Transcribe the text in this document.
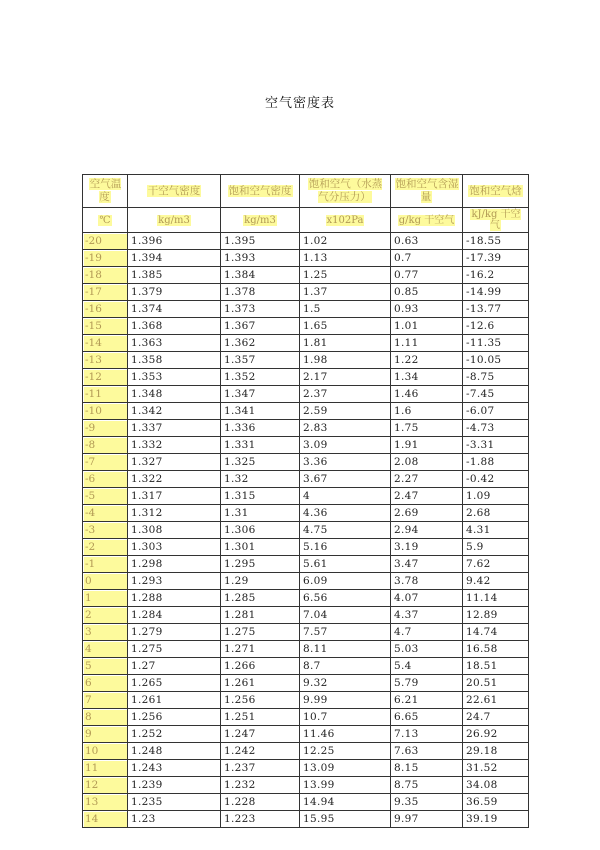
空气密度表
空气温度	干空气密度	饱和空气密度	饱和空气（水蒸气分压力）	饱和空气含湿量	饱和空气焓
℃	kg/m3	kg/m3	x102Pa	g/kg 干空气	kJ/kg 干空气

-20	1.396	1.395	1.02	0.63	-18.55

-19	1.394	1.393	1.13	0.7	-17.39

-18	1.385	1.384	1.25	0.77	-16.2

-17	1.379	1.378	1.37	0.85	-14.99

-16	1.374	1.373	1.5	0.93	-13.77

-15	1.368	1.367	1.65	1.01	-12.6

-14	1.363	1.362	1.81	1.11	-11.35

-13	1.358	1.357	1.98	1.22	-10.05

-12	1.353	1.352	2.17	1.34	-8.75

-11	1.348	1.347	2.37	1.46	-7.45

-10	1.342	1.341	2.59	1.6	-6.07

-9	1.337	1.336	2.83	1.75	-4.73

-8	1.332	1.331	3.09	1.91	-3.31

-7	1.327	1.325	3.36	2.08	-1.88

-6	1.322	1.32	3.67	2.27	-0.42

-5	1.317	1.315	4	2.47	1.09

-4	1.312	1.31	4.36	2.69	2.68

-3	1.308	1.306	4.75	2.94	4.31

-2	1.303	1.301	5.16	3.19	5.9

-1	1.298	1.295	5.61	3.47	7.62

0	1.293	1.29	6.09	3.78	9.42

1	1.288	1.285	6.56	4.07	11.14

2	1.284	1.281	7.04	4.37	12.89

3	1.279	1.275	7.57	4.7	14.74

4	1.275	1.271	8.11	5.03	16.58

5	1.27	1.266	8.7	5.4	18.51

6	1.265	1.261	9.32	5.79	20.51

7	1.261	1.256	9.99	6.21	22.61

8	1.256	1.251	10.7	6.65	24.7

9	1.252	1.247	11.46	7.13	26.92

10	1.248	1.242	12.25	7.63	29.18

11	1.243	1.237	13.09	8.15	31.52

12	1.239	1.232	13.99	8.75	34.08

13	1.235	1.228	14.94	9.35	36.59

14	1.23	1.223	15.95	9.97	39.19
